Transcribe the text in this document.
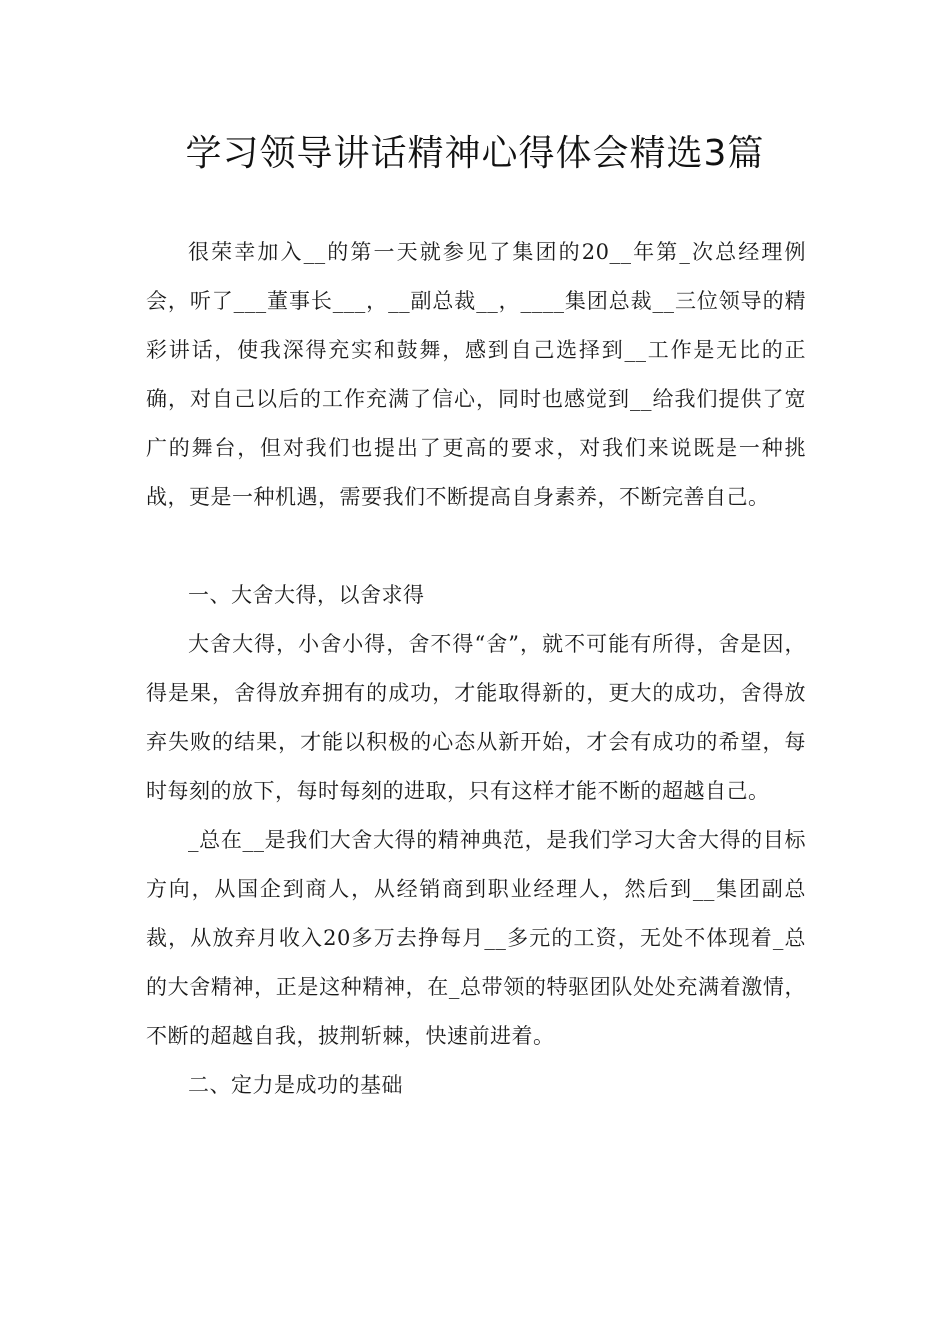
学习领导讲话精神心得体会精选3篇

很荣幸加入__的第一天就参见了集团的20__年第_次总经理例会，听了___董事长___，__副总裁__，____集团总裁__三位领导的精彩讲话，使我深得充实和鼓舞，感到自己选择到__工作是无比的正确，对自己以后的工作充满了信心，同时也感觉到__给我们提供了宽广的舞台，但对我们也提出了更高的要求，对我们来说既是一种挑战，更是一种机遇，需要我们不断提高自身素养，不断完善自己。

一、大舍大得，以舍求得

大舍大得，小舍小得，舍不得“舍”，就不可能有所得，舍是因，得是果，舍得放弃拥有的成功，才能取得新的，更大的成功，舍得放弃失败的结果，才能以积极的心态从新开始，才会有成功的希望，每时每刻的放下，每时每刻的进取，只有这样才能不断的超越自己。

_总在__是我们大舍大得的精神典范，是我们学习大舍大得的目标方向，从国企到商人，从经销商到职业经理人，然后到__集团副总裁，从放弃月收入20多万去挣每月__多元的工资，无处不体现着_总的大舍精神，正是这种精神，在_总带领的特驱团队处处充满着激情，不断的超越自我，披荆斩棘，快速前进着。

二、定力是成功的基础
